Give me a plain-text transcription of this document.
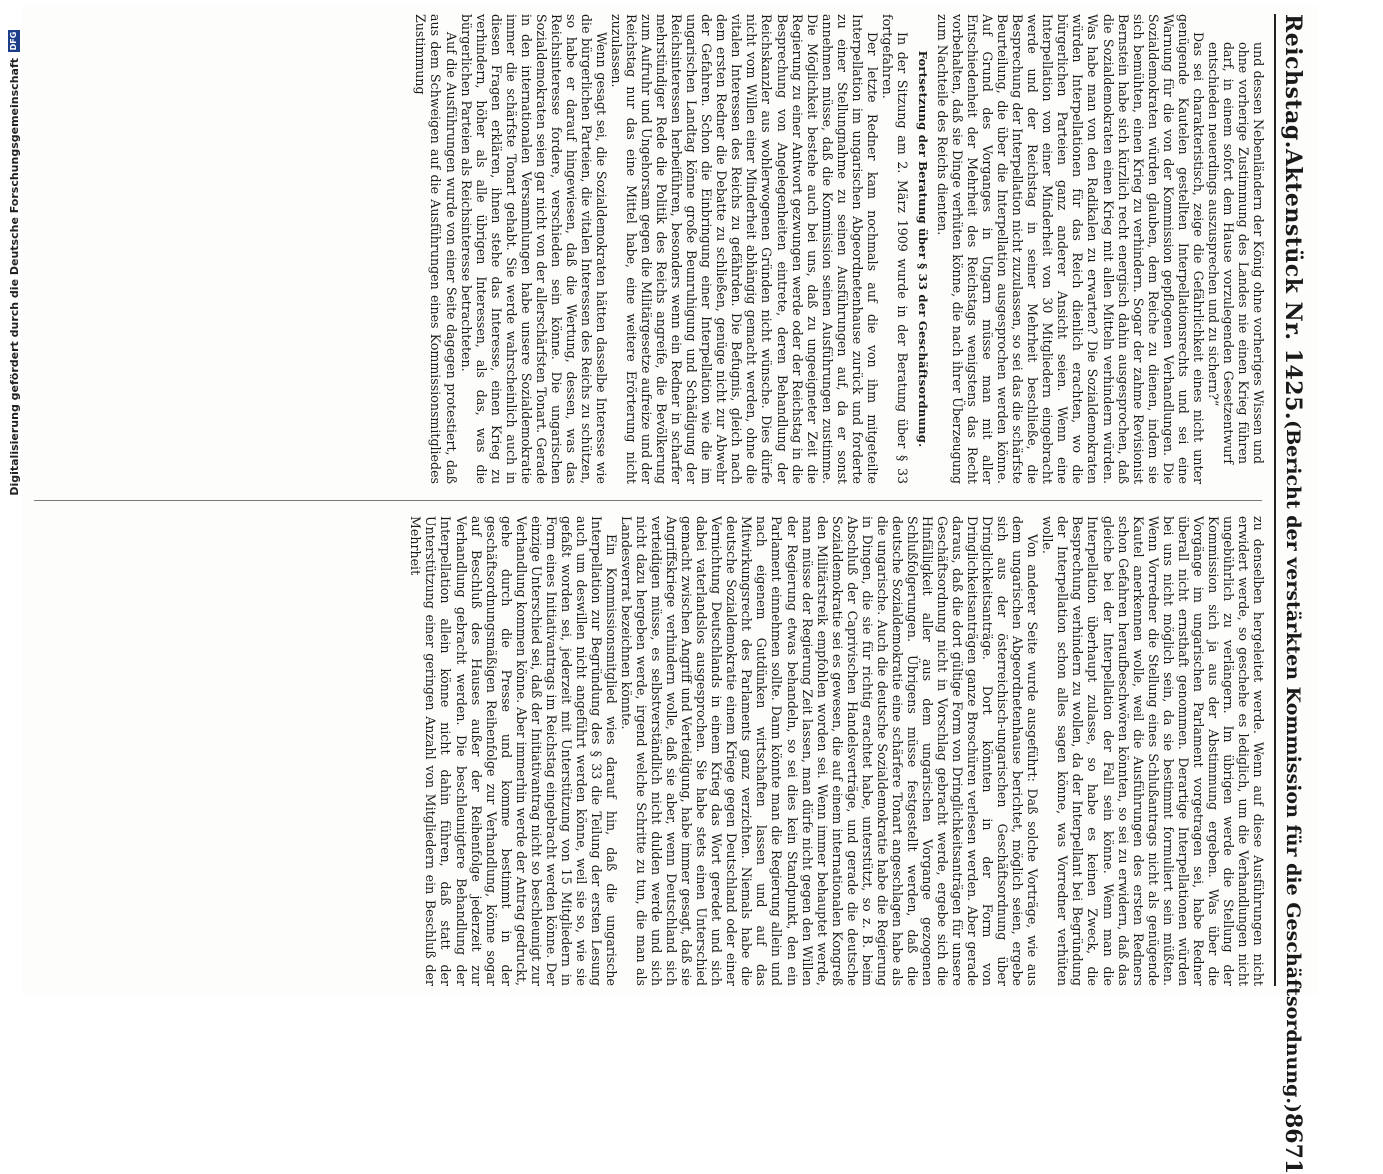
Reichstag.
Aktenstück Nr. 1425.
(Bericht der verstärkten Kommission für die Geschäftsordnung.)
8671

und dessen Nebenländern der König ohne vorheriges Wissen und ohne vorherige Zustimmung des Landes nie einen Krieg führen darf, in einem sofort dem Hause vorzulegenden Gesetzentwurf entschieden neuerdings auszusprechen und zu sichern?“

Das sei charakteristisch, zeige die Gefährlichkeit eines nicht unter genügende Kautelen gestellten Interpellationsrechts und sei eine Warnung für die von der Kommission gepflogenen Verhandlungen. Die Sozialdemokraten würden glauben, dem Reiche zu dienen, indem sie sich bemühten, einen Krieg zu verhindern. Sogar der zahme Revisionist Bernstein habe sich kürzlich recht energisch dahin ausgesprochen, daß die Sozialdemokraten einen Krieg mit allen Mitteln verhindern würden. Was habe man von den Radikalen zu erwarten? Die Sozialdemokraten würden Interpellationen für das Reich dienlich erachten, wo die bürgerlichen Parteien ganz anderer Ansicht seien. Wenn eine Interpellation von einer Minderheit von 30 Mitgliedern eingebracht werde und der Reichstag in seiner Mehrheit beschließe, die Besprechung der Interpellation nicht zuzulassen, so sei das die schärfste Beurteilung, die über die Interpellation ausgesprochen werden könne. Auf Grund des Vorganges in Ungarn müsse man mit aller Entschiedenheit der Mehrheit des Reichstags wenigstens das Recht vorbehalten, daß sie Dinge verhüten könne, die nach ihrer Überzeugung zum Nachteile des Reichs dienten.

Fortsetzung der Beratung über § 33 der Geschäftsordnung.

In der Sitzung am 2. März 1909 wurde in der Beratung über § 33 fortgefahren.

Der letzte Redner kam nochmals auf die von ihm mitgeteilte Interpellation im ungarischen Abgeordnetenhause zurück und forderte zu einer Stellungnahme zu seinen Ausführungen auf, da er sonst annehmen müsse, daß die Kommission seinen Ausführungen zustimme. Die Möglichkeit bestehe auch bei uns, daß zu ungeeigneter Zeit die Regierung zu einer Antwort gezwungen werde oder der Reichstag in die Besprechung von Angelegenheiten eintrete, deren Behandlung der Reichskanzler aus wohlerwogenen Gründen nicht wünsche. Dies dürfe nicht vom Willen einer Minderheit abhängig gemacht werden, ohne die vitalen Interessen des Reichs zu gefährden. Die Befugnis, gleich nach dem ersten Redner die Debatte zu schließen, genüge nicht zur Abwehr der Gefahren. Schon die Einbringung einer Interpellation wie die im ungarischen Landtag könne große Beunruhigung und Schädigung der Reichsinteressen herbeiführen, besonders wenn ein Redner in scharfer mehrstündiger Rede die Politik des Reichs angreife, die Bevölkerung zum Aufruhr und Ungehorsam gegen die Militärgesetze aufreize und der Reichstag nur das eine Mittel habe, eine weitere Erörterung nicht zuzulassen.

Wenn gesagt sei, die Sozialdemokraten hätten dasselbe Interesse wie die bürgerlichen Parteien, die vitalen Interessen des Reichs zu schützen, so habe er darauf hingewiesen, daß die Wertung, dessen, was das Reichsinteresse fordere, verschieden sein könne. Die ungarischen Sozialdemokraten seien gar nicht von der allerschärfsten Tonart. Gerade in den internationalen Versammlungen habe unsere Sozialdemokratie immer die schärfste Tonart gehabt. Sie werde wahrscheinlich auch in diesen Fragen erklären, ihnen stehe das Interesse, einen Krieg zu verhindern, höher als alle übrigen Interessen, als das, was die bürgerlichen Parteien als Reichsinteresse betrachteten.

Auf die Ausführungen wurde von einer Seite dagegen protestiert, daß aus dem Schweigen auf die Ausführungen eines Kommissionsmitgliedes Zustimmung

zu denselben hergeleitet werde. Wenn auf diese Ausführungen nicht erwidert werde, so geschehe es lediglich, um die Verhandlungen nicht ungebührlich zu verlängern. Im übrigen werde die Stellung der Kommission sich ja aus der Abstimmung ergeben. Was über die Vorgänge im ungarischen Parlament vorgetragen sei, habe Redner überall nicht ernsthaft genommen. Derartige Interpellationen würden bei uns nicht möglich sein, da sie bestimmt formuliert sein müßten. Wenn Vorredner die Stellung eines Schlußantrags nicht als genügende Kautel anerkennen wolle, weil die Ausführungen des ersten Redners schon Gefahren heraufbeschwören könnten, so sei zu erwidern, daß das gleiche bei der Interpellation der Fall sein könne. Wenn man die Interpellation überhaupt zulasse, so habe es keinen Zweck, die Besprechung verhindern zu wollen, da der Interpellant bei Begründung der Interpellation schon alles sagen könne, was Vorredner verhüten wolle.

Von anderer Seite wurde ausgeführt: Daß solche Vorträge, wie aus dem ungarischen Abgeordnetenhause berichtet, möglich seien, ergebe sich aus der österreichisch-ungarischen Geschäftsordnung über Dringlichkeitsanträge. Dort könnten in der Form von Dringlichkeitsanträgen ganze Broschüren verlesen werden. Aber gerade daraus, daß die dort gültige Form von Dringlichkeitsanträgen für unsere Geschäftsordnung nicht in Vorschlag gebracht werde, ergebe sich die Hinfälligkeit aller aus dem ungarischen Vorgange gezogenen Schlußfolgerungen. Übrigens müsse festgestellt werden, daß die deutsche Sozialdemokratie eine schärfere Tonart angeschlagen habe als die ungarische. Auch die deutsche Sozialdemokratie habe die Regierung in Dingen, die sie für richtig erachtet habe, unterstützt, so z. B. beim Abschluß der Caprivischen Handelsverträge, und gerade die deutsche Sozialdemokratie sei es gewesen, die auf einem internationalen Kongreß den Militärstreik empfohlen worden sei. Wenn immer behauptet werde, man müsse der Regierung Zeit lassen, man dürfe nicht gegen den Willen der Regierung etwas behandeln, so sei dies kein Standpunkt, den ein Parlament einnehmen sollte. Dann könnte man die Regierung allein und nach eigenem Gutdünken wirtschaften lassen und auf das Mitwirkungsrecht des Parlaments ganz verzichten. Niemals habe die deutsche Sozialdemokratie einem Kriege gegen Deutschland oder einer Vernichtung Deutschlands in einem Krieg das Wort geredet und sich dabei vaterlandslos ausgesprochen. Sie habe stets einen Unterschied gemacht zwischen Angriff und Verteidigung, habe immer gesagt, daß sie Angriffskriege verhindern wolle, daß sie aber, wenn Deutschland sich verteidigen müsse, es selbstverständlich nicht dulden werde und sich nicht dazu hergeben werde, irgend welche Schritte zu tun, die man als Landesverrat bezeichnen könnte.

Ein Kommissionsmitglied wies darauf hin, daß die ungarische Interpellation zur Begründung des § 33 die Teilung der ersten Lesung auch um deswillen nicht angeführt werden könne, weil sie so, wie sie gefaßt worden sei, jederzeit mit Unterstützung von 15 Mitgliedern in Form eines Initiativantrags im Reichstag eingebracht werden könne. Der einzige Unterschied sei, daß der Initiativantrag nicht so beschleunigt zur Verhandlung kommen könne. Aber immerhin werde der Antrag gedruckt, gehe durch die Presse und komme bestimmt in der geschäftsordnungsmäßigen Reihenfolge zur Verhandlung, könne sogar auf Beschluß des Hauses außer der Reihenfolge jederzeit zur Verhandlung gebracht werden. Die beschleunigtere Behandlung der Interpellation allein könne nicht dahin führen, daß statt der Unterstützung einer geringen Anzahl von Mitgliedern ein Beschluß der Mehrheit

Digitalisierung gefördert durch die Deutsche Forschungsgemeinschaft
DFG
